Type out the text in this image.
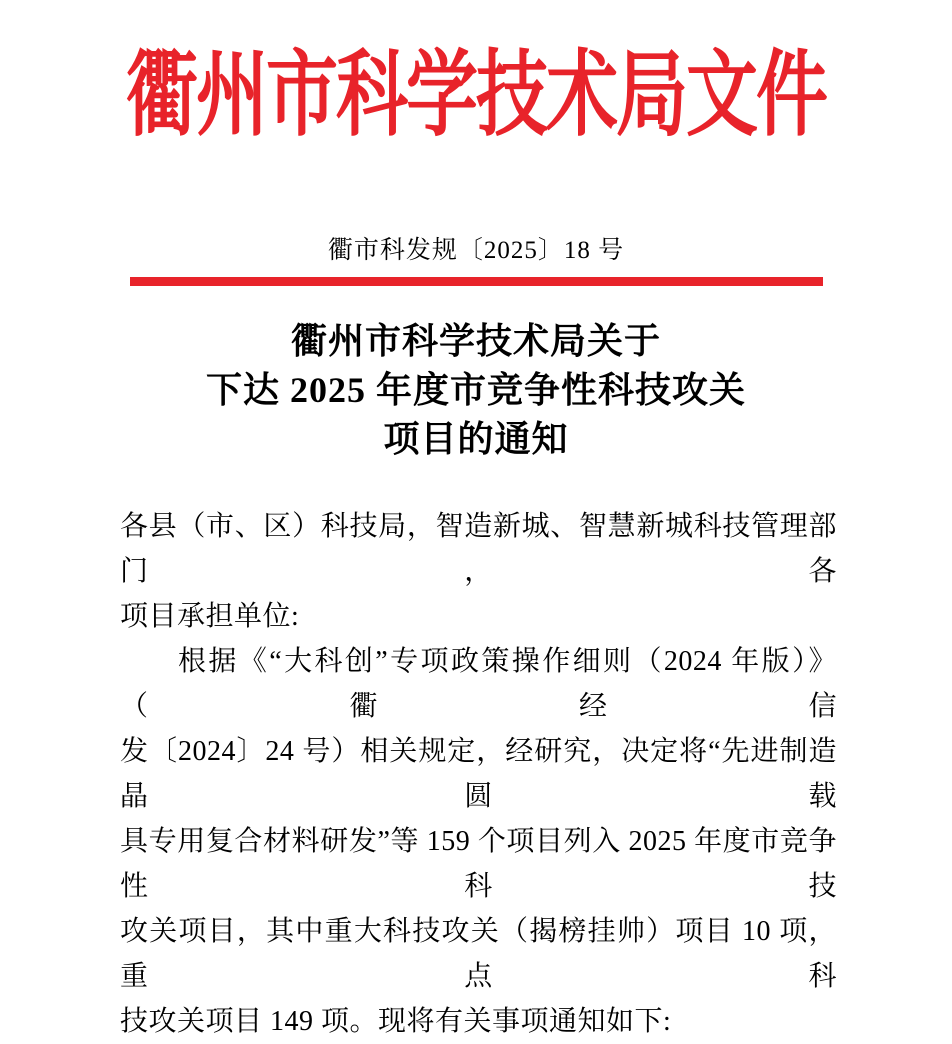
衢州市科学技术局文件
衢市科发规〔2025〕18 号
衢州市科学技术局关于
下达 2025 年度市竞争性科技攻关
项目的通知
各县（市、区）科技局，智造新城、智慧新城科技管理部门，各
项目承担单位:
根据《“大科创”专项政策操作细则（2024 年版）》（衢经信
发〔2024〕24 号）相关规定，经研究，决定将“先进制造晶圆载
具专用复合材料研发”等 159 个项目列入 2025 年度市竞争性科技
攻关项目，其中重大科技攻关（揭榜挂帅）项目 10 项，重点科
技攻关项目 149 项。现将有关事项通知如下:
